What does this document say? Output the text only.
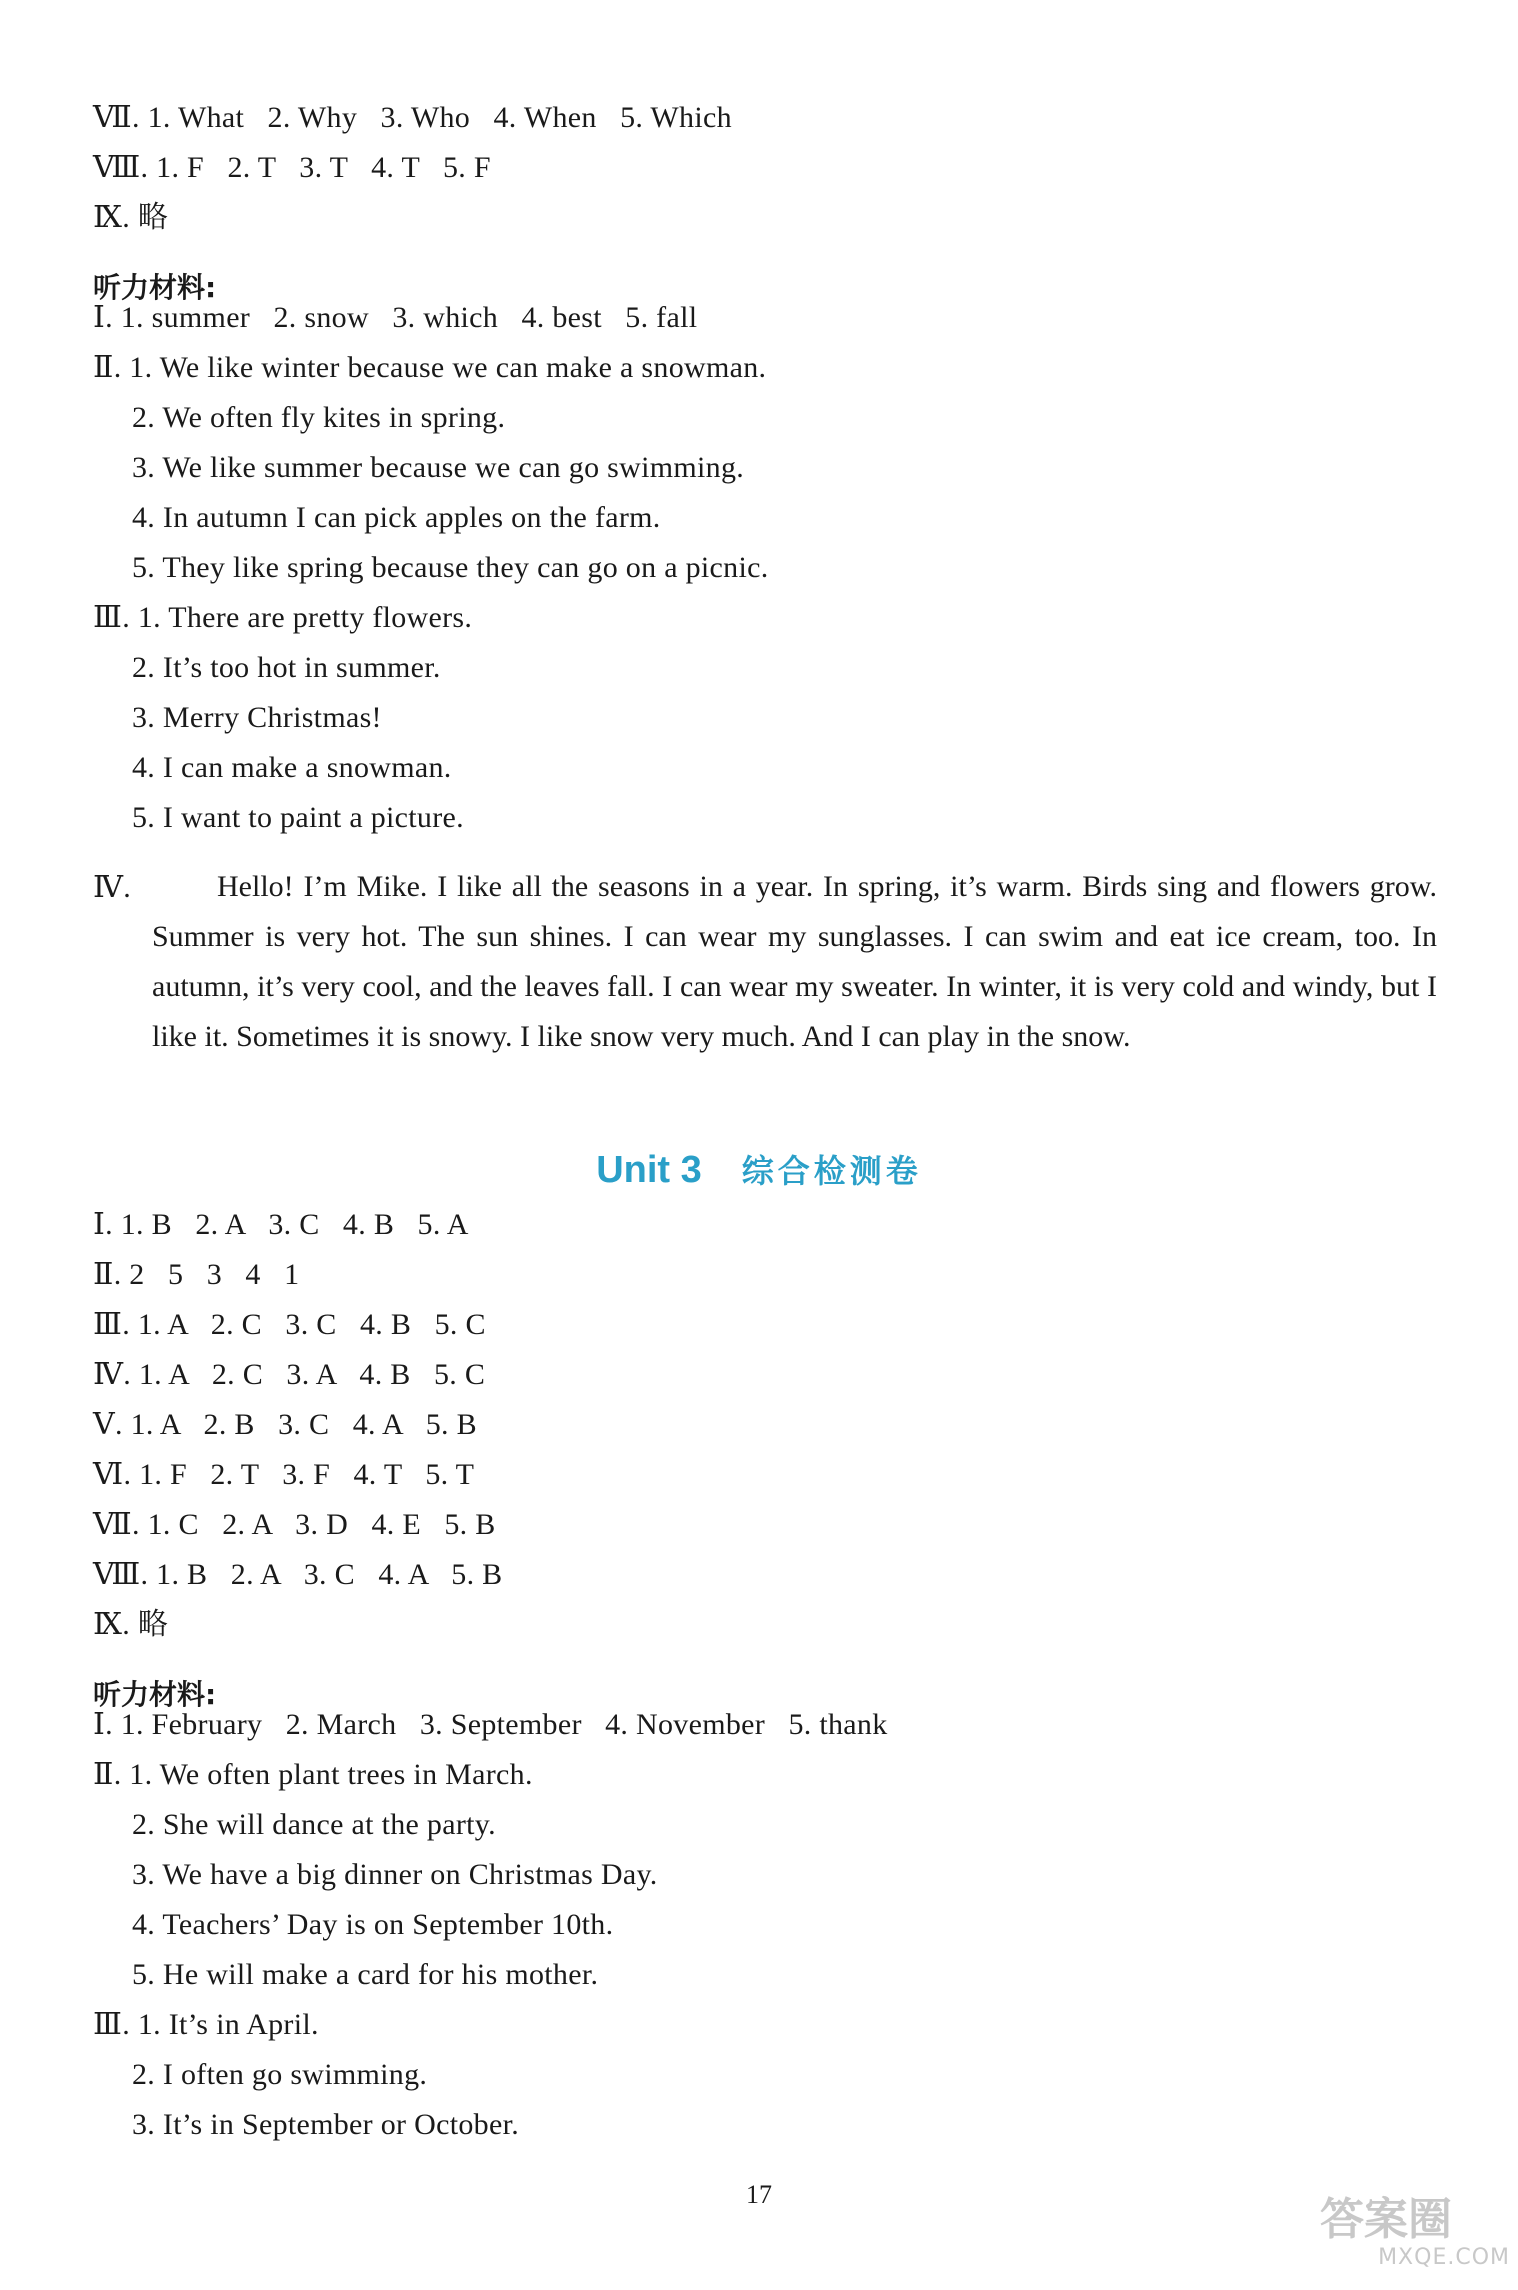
Ⅶ. 1. What   2. Why   3. Who   4. When   5. Which
Ⅷ. 1. F   2. T   3. T   4. T   5. F
Ⅸ. 略
听力材料:
Ⅰ. 1. summer   2. snow   3. which   4. best   5. fall
Ⅱ. 1. We like winter because we can make a snowman.
2. We often fly kites in spring.
3. We like summer because we can go swimming.
4. In autumn I can pick apples on the farm.
5. They like spring because they can go on a picnic.
Ⅲ. 1. There are pretty flowers.
2. It’s too hot in summer.
3. Merry Christmas!
4. I can make a snowman.
5. I want to paint a picture.
Ⅳ.	Hello! I’m Mike. I like all the seasons in a year. In spring, it’s warm. Birds sing and flowers grow. Summer is very hot. The sun shines. I can wear my sunglasses. I can swim and eat ice cream, too. In autumn, it’s very cool, and the leaves fall. I can wear my sweater. In winter, it is very cold and windy, but I like it. Sometimes it is snowy. I like snow very much. And I can play in the snow.
Unit 3 综合检测卷
Ⅰ. 1. B   2. A   3. C   4. B   5. A
Ⅱ. 2   5   3   4   1
Ⅲ. 1. A   2. C   3. C   4. B   5. C
Ⅳ. 1. A   2. C   3. A   4. B   5. C
Ⅴ. 1. A   2. B   3. C   4. A   5. B
Ⅵ. 1. F   2. T   3. F   4. T   5. T
Ⅶ. 1. C   2. A   3. D   4. E   5. B
Ⅷ. 1. B   2. A   3. C   4. A   5. B
Ⅸ. 略
听力材料:
Ⅰ. 1. February   2. March   3. September   4. November   5. thank
Ⅱ. 1. We often plant trees in March.
2. She will dance at the party.
3. We have a big dinner on Christmas Day.
4. Teachers’ Day is on September 10th.
5. He will make a card for his mother.
Ⅲ. 1. It’s in April.
2. I often go swimming.
3. It’s in September or October.
17	答案圈
MXQE.COM
